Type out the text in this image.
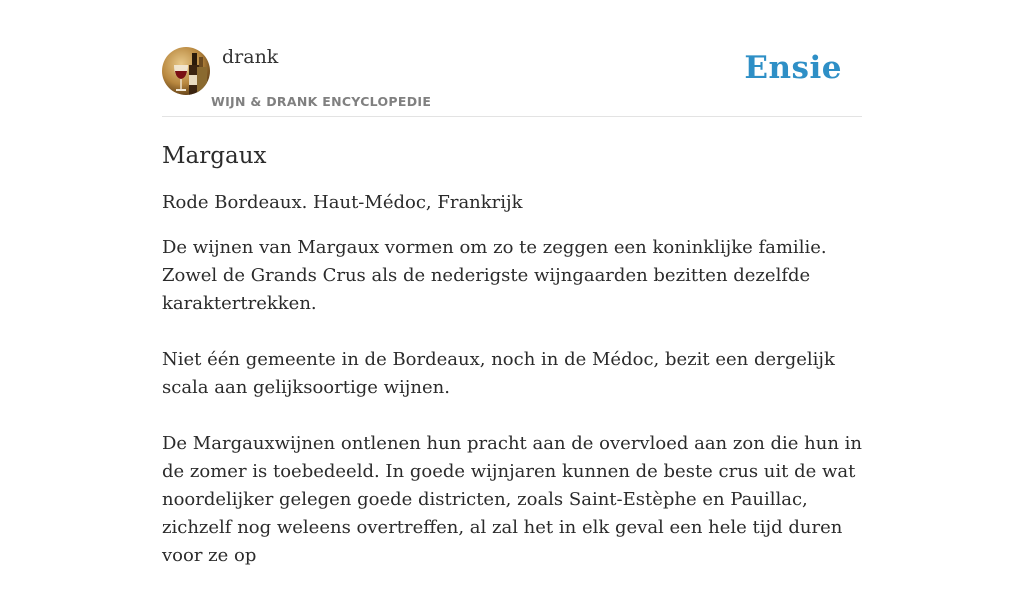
drank
WIJN & DRANK ENCYCLOPEDIE
Ensie
Margaux
Rode Bordeaux. Haut-Médoc, Frankrijk

De wijnen van Margaux vormen om zo te zeggen een koninklijke familie. Zowel de Grands Crus als de nederigste wijngaarden bezitten dezelfde karaktertrekken.

Niet één gemeente in de Bordeaux, noch in de Médoc, bezit een dergelijk scala aan gelijksoortige wijnen.

De Margauxwijnen ontlenen hun pracht aan de overvloed aan zon die hun in de zomer is toebedeeld. In goede wijnjaren kunnen de beste crus uit de wat noordelijker gelegen goede districten, zoals Saint-Estèphe en Pauillac, zichzelf nog weleens overtreffen, al zal het in elk geval een hele tijd duren voor ze op
